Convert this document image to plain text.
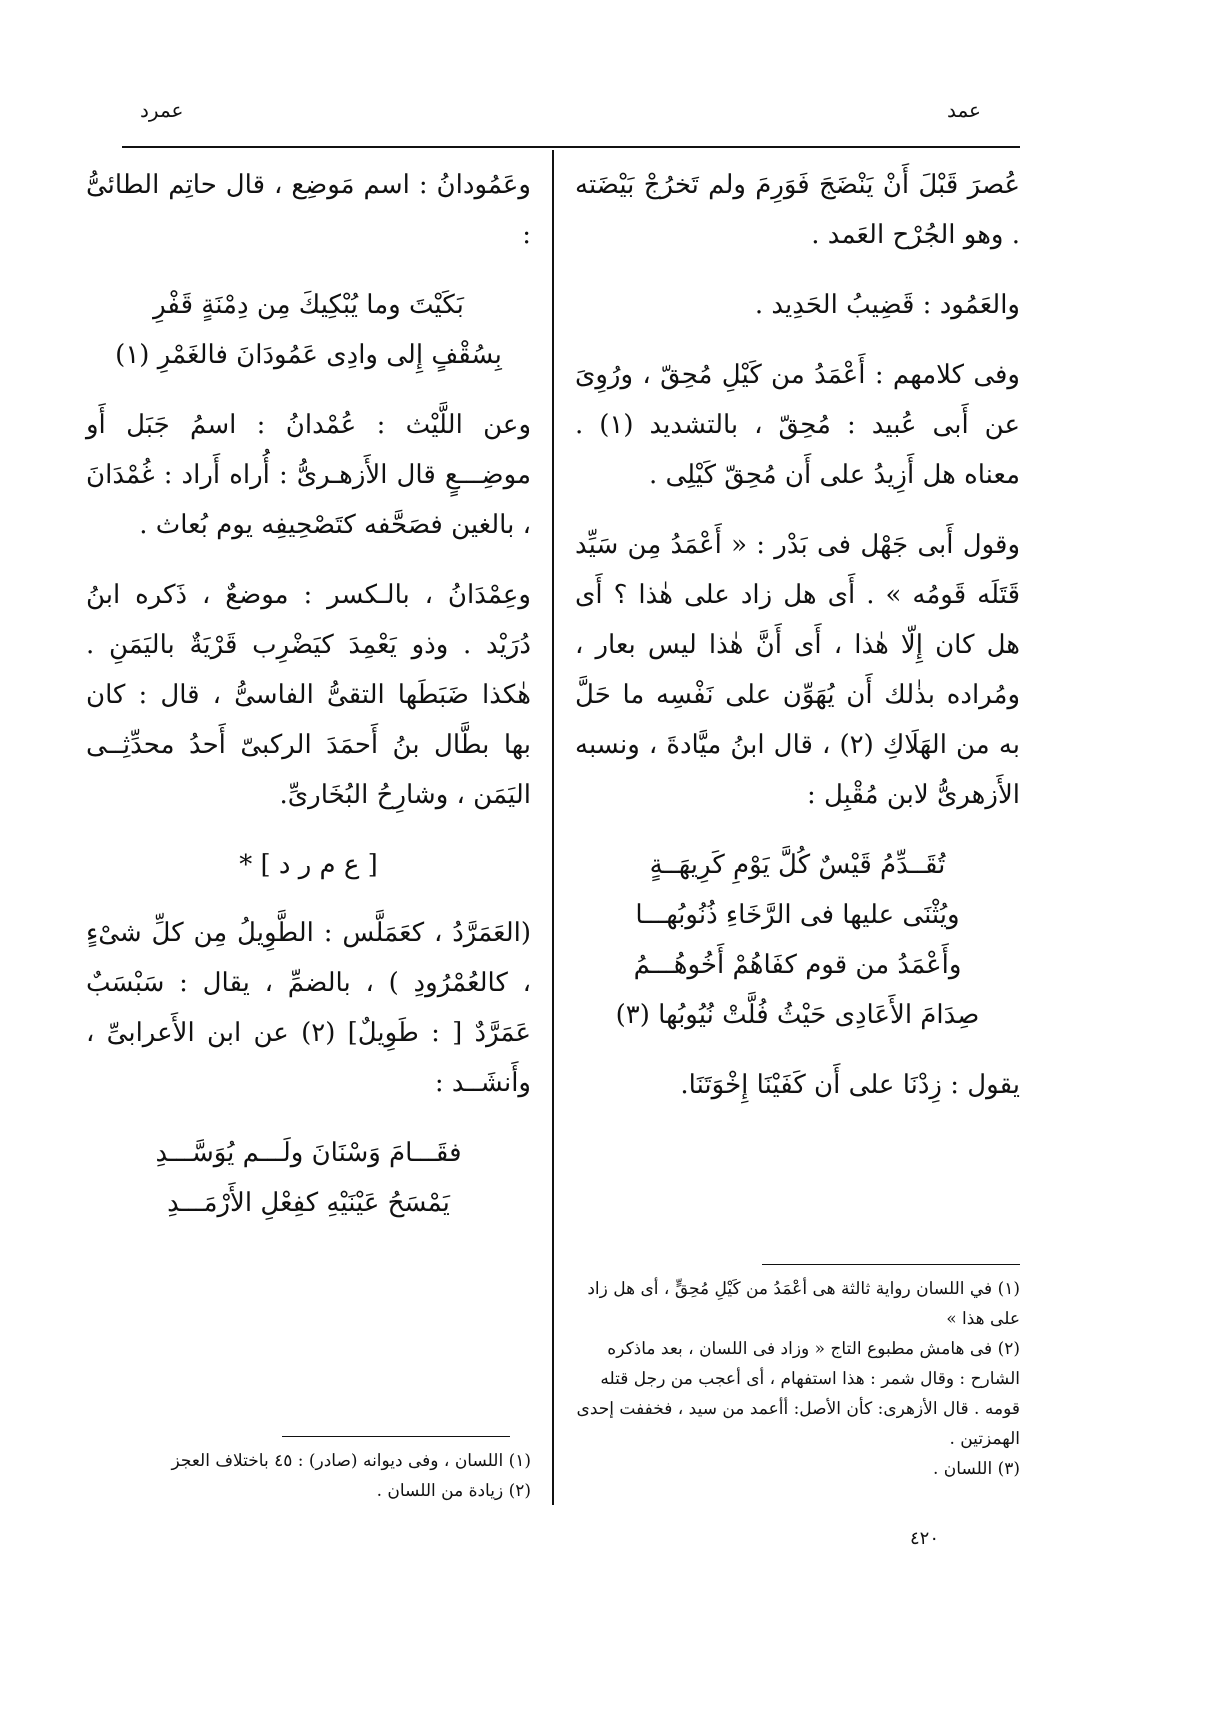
عمد
عمرد

عُصرَ قَبْلَ أَنْ يَنْضَجَ فَوَرِمَ ولم تَخرُجْ بَيْضَته . وهو الجُرْح العَمد .

والعَمُود : قَضِيبُ الحَدِيد .

وفى كلامهم : أَعْمَدُ من كَيْلِ مُحِقّ ، ورُوِىَ عن أَبى عُبيد : مُحِقّ ، بالتشديد (١) . معناه هل أَزِيدُ على أَن مُحِقّ كَيْلِى .

وقول أَبى جَهْل فى بَدْر : « أَعْمَدُ مِن سَيِّد قَتَلَه قَومُه » . أَى هل زاد على هٰذا ؟ أَى هل كان إِلّا هٰذا ، أَى أَنَّ هٰذا ليس بعار ، ومُراده بذٰلك أَن يُهَوِّن على نَفْسِه ما حَلَّ به من الهَلَاكِ (٢) ، قال ابنُ ميَّادةَ ، ونسبه الأَزهرىُّ لابن مُقْبِل :

تُقَــدِّمُ قَيْسٌ كُلَّ يَوْمِ كَرِيهَــةٍ

ويُثْنَى عليها فى الرَّخَاءِ ذُنُوبُهـــا

وأَعْمَدُ من قوم كفَاهُمْ أَخُوهُـــمُ

صِدَامَ الأَعَادِى حَيْثُ فُلَّتْ نُيُوبُها (٣)

يقول : زِدْنَا على أَن كَفَيْنَا إِخْوَتَنَا.

وعَمُودانُ : اسم مَوضِع ، قال حاتِم الطائىُّ :

بَكَيْتَ وما يُبْكِيكَ مِن دِمْنَةٍ قَفْرِ

بِسُقْفٍ إِلى وادِى عَمُودَانَ فالغَمْرِ (١)

وعن اللَّيْث : عُمْدانُ : اسمُ جَبَل أَو موضِـــعٍ قال الأَزهـرىُّ : أُراه أَراد : غُمْدَانَ ، بالغين فصَحَّفه كتَصْحِيفِه يوم بُعاث .

وعِمْدَانُ ، بالـكسر : موضعٌ ، ذَكره ابنُ دُرَيْد . وذو يَعْمِدَ كيَضْرِب قَرْيَةٌ باليَمَنِ . هٰكذا ضَبَطَها التقىُّ الفاسىُّ ، قال : كان بها بطَّال بنُ أَحمَدَ الركبىّ أَحدُ محدِّثِــى اليَمَن ، وشارِحُ البُخَارىِّ.

[ ع م ر د ] *

(العَمَرَّدُ ، كعَمَلَّس : الطَّوِيلُ مِن كلِّ شىْءٍ ، كالعُمْرُودِ ) ، بالضمِّ ، يقال : سَبْسَبٌ عَمَرَّدٌ [ : طَوِيلٌ] (٢) عن ابن الأَعرابىِّ ، وأَنشَــد :

فقَـــامَ وَسْنَانَ ولَـــم يُوَسَّـــدِ

يَمْسَحُ عَيْنَيْهِ كفِعْلِ الأَرْمَـــدِ

(١) في اللسان رواية ثالثة هى أعْمَدُ من كَيْلِ مُحِقٍّ ، أى هل زاد على هذا »

(٢) فى هامش مطبوع التاج « وزاد فى اللسان ، بعد ماذكره الشارح : وقال شمر : هذا استفهام ، أى أعجب من رجل قتله قومه . قال الأزهرى: كأن الأصل: أأعمد من سيد ، فخففت إحدى الهمزتين .

(٣) اللسان .

(١) اللسان ، وفى ديوانه (صادر) : ٤٥ باختلاف العجز

(٢) زيادة من اللسان .

٤٢٠
